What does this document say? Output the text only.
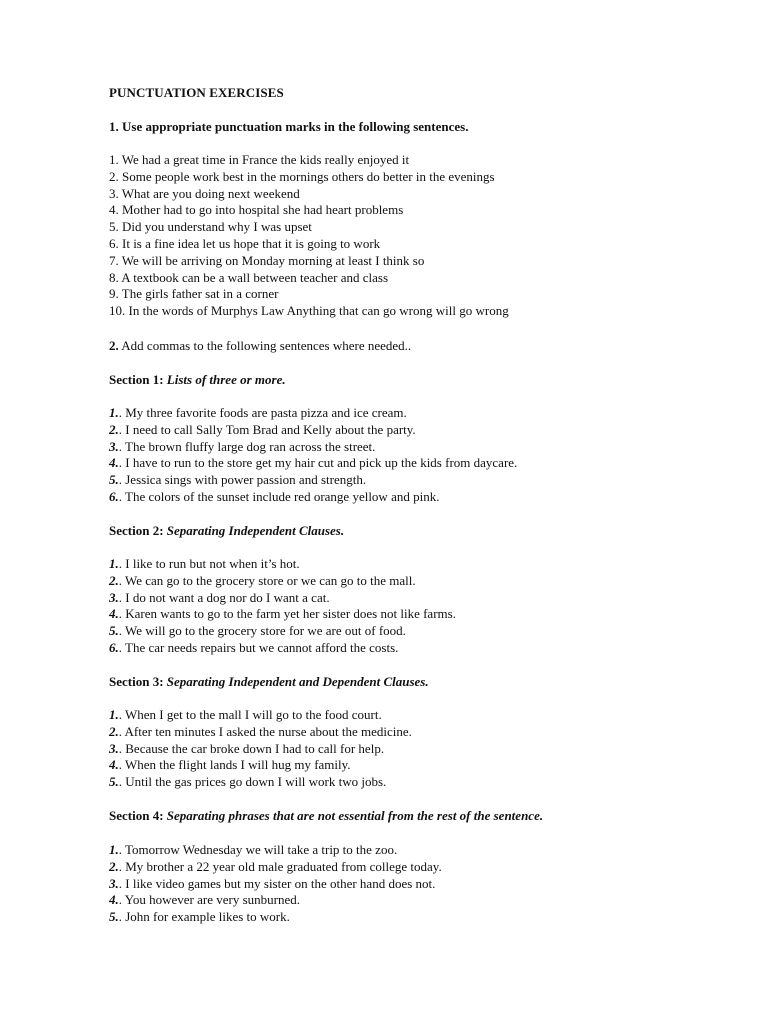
PUNCTUATION EXERCISES
1. Use appropriate punctuation marks in the following sentences.
1. We had a great time in France the kids really enjoyed it
2. Some people work best in the mornings others do better in the evenings
3. What are you doing next weekend
4. Mother had to go into hospital she had heart problems
5. Did you understand why I was upset
6. It is a fine idea let us hope that it is going to work
7. We will be arriving on Monday morning at least I think so
8. A textbook can be a wall between teacher and class
9. The girls father sat in a corner
10. In the words of Murphys Law Anything that can go wrong will go wrong
2. Add commas to the following sentences where needed..
Section 1: Lists of three or more.
1.. My three favorite foods are pasta pizza and ice cream.
2.. I need to call Sally Tom Brad and Kelly about the party.
3.. The brown fluffy large dog ran across the street.
4.. I have to run to the store get my hair cut and pick up the kids from daycare.
5.. Jessica sings with power passion and strength.
6.. The colors of the sunset include red orange yellow and pink.
Section 2: Separating Independent Clauses.
1.. I like to run but not when it’s hot.
2.. We can go to the grocery store or we can go to the mall.
3.. I do not want a dog nor do I want a cat.
4.. Karen wants to go to the farm yet her sister does not like farms.
5.. We will go to the grocery store for we are out of food.
6.. The car needs repairs but we cannot afford the costs.
Section 3: Separating Independent and Dependent Clauses.
1.. When I get to the mall I will go to the food court.
2.. After ten minutes I asked the nurse about the medicine.
3.. Because the car broke down I had to call for help.
4.. When the flight lands I will hug my family.
5.. Until the gas prices go down I will work two jobs.
Section 4: Separating phrases that are not essential from the rest of the sentence.
1.. Tomorrow Wednesday we will take a trip to the zoo.
2.. My brother a 22 year old male graduated from college today.
3.. I like video games but my sister on the other hand does not.
4.. You however are very sunburned.
5.. John for example likes to work.
